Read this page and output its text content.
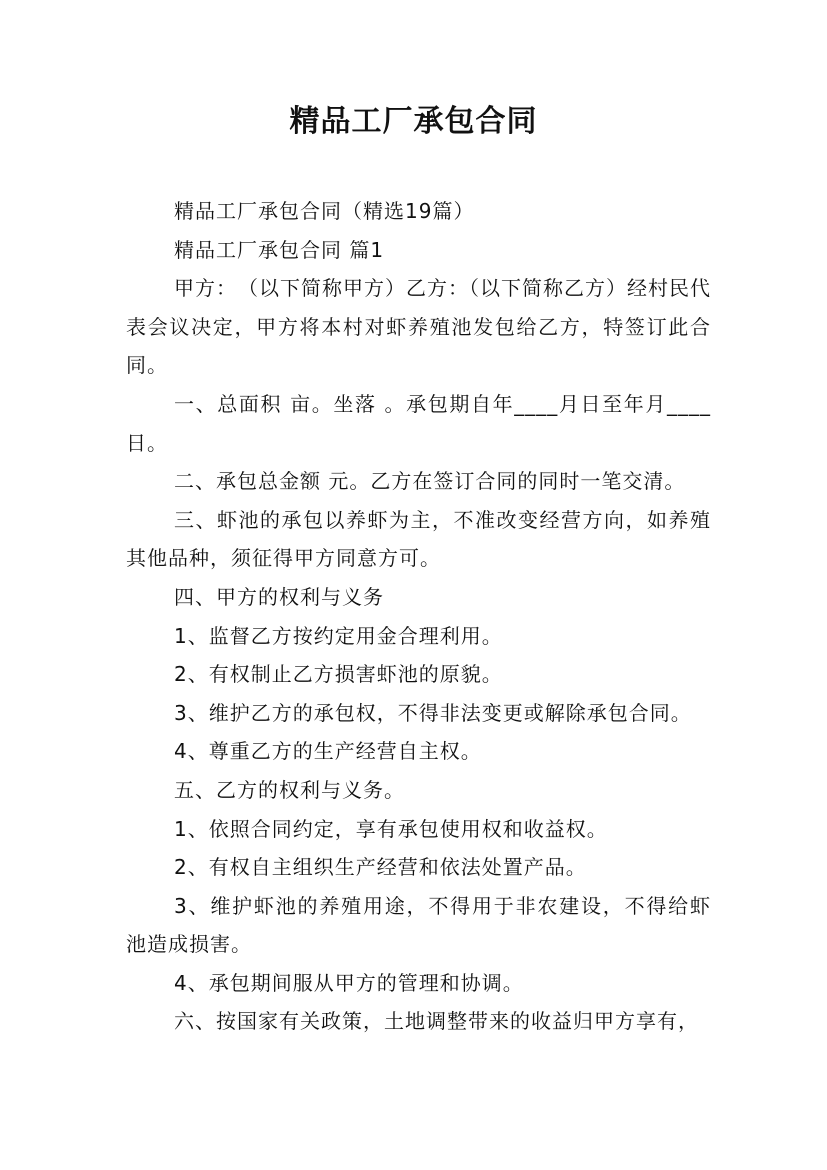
精品工厂承包合同

精品工厂承包合同（精选19篇）

精品工厂承包合同 篇1

甲方：　（以下简称甲方）乙方：（以下简称乙方）经村民代表会议决定，甲方将本村对虾养殖池发包给乙方，特签订此合同。

一、总面积 亩。坐落 。承包期自年____月日至年月____日。

二、承包总金额 元。乙方在签订合同的同时一笔交清。

三、虾池的承包以养虾为主，不准改变经营方向，如养殖其他品种，须征得甲方同意方可。

四、甲方的权利与义务

1、监督乙方按约定用金合理利用。

2、有权制止乙方损害虾池的原貌。

3、维护乙方的承包权，不得非法变更或解除承包合同。

4、尊重乙方的生产经营自主权。

五、乙方的权利与义务。

1、依照合同约定，享有承包使用权和收益权。

2、有权自主组织生产经营和依法处置产品。

3、维护虾池的养殖用途，不得用于非农建设，不得给虾池造成损害。

4、承包期间服从甲方的管理和协调。

六、按国家有关政策，土地调整带来的收益归甲方享有，
